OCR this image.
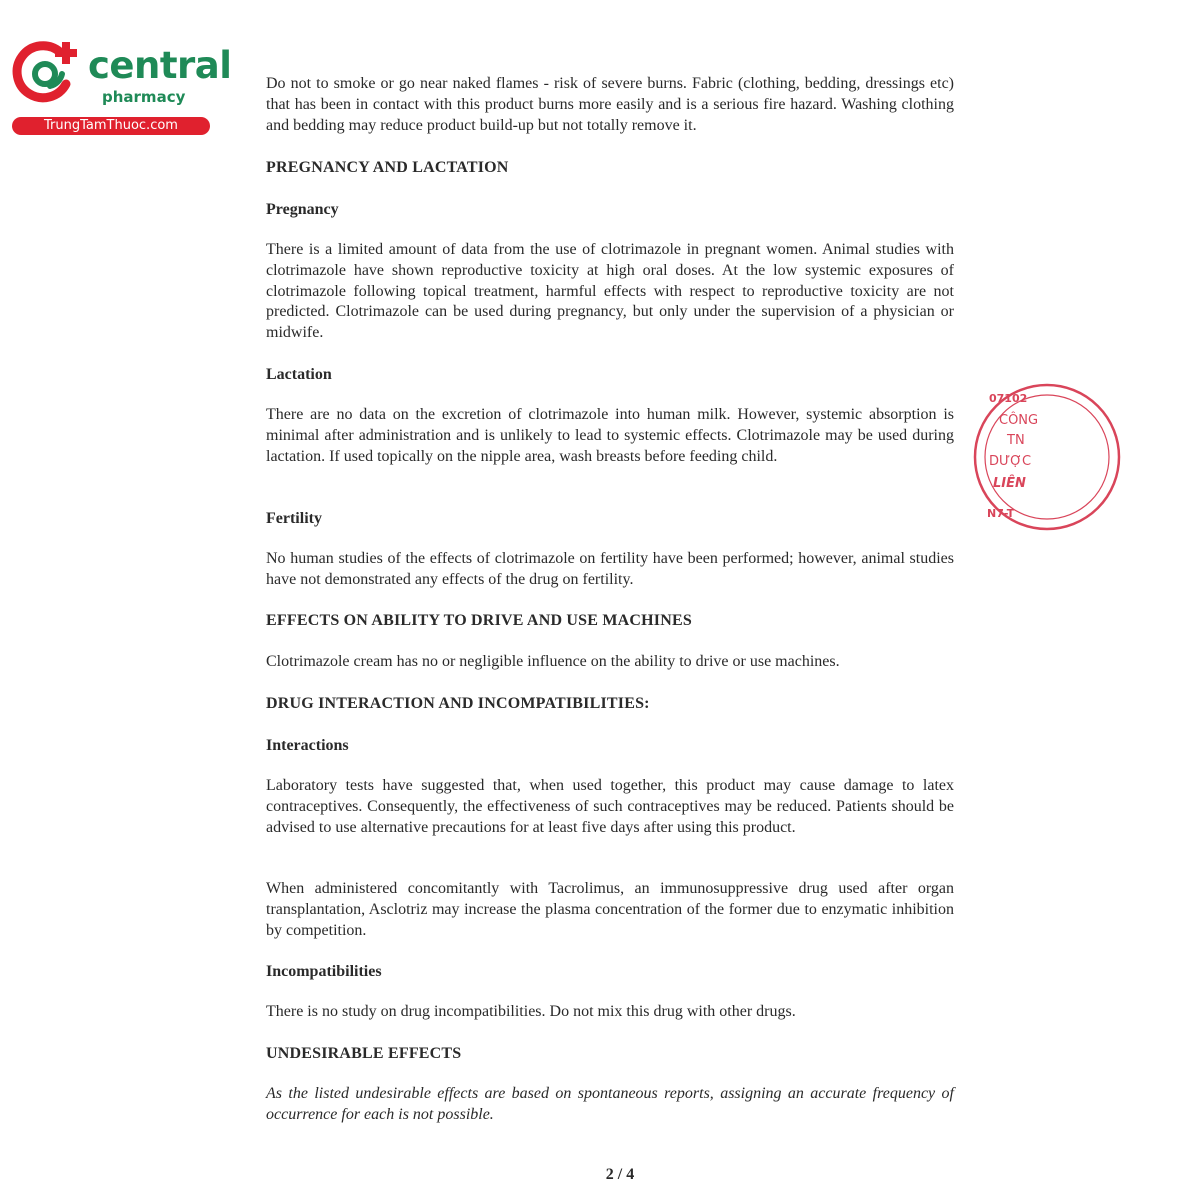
central
pharmacy
TrungTamThuoc.com

Do not to smoke or go near naked flames - risk of severe burns. Fabric (clothing, bedding, dressings etc) that has been in contact with this product burns more easily and is a serious fire hazard. Washing clothing and bedding may reduce product build-up but not totally remove it.

PREGNANCY AND LACTATION
Pregnancy

There is a limited amount of data from the use of clotrimazole in pregnant women. Animal studies with clotrimazole have shown reproductive toxicity at high oral doses. At the low systemic exposures of clotrimazole following topical treatment, harmful effects with respect to reproductive toxicity are not predicted. Clotrimazole can be used during pregnancy, but only under the supervision of a physician or midwife.

Lactation

There are no data on the excretion of clotrimazole into human milk. However, systemic absorption is minimal after administration and is unlikely to lead to systemic effects. Clotrimazole may be used during lactation. If used topically on the nipple area, wash breasts before feeding child.

Fertility

No human studies of the effects of clotrimazole on fertility have been performed; however, animal studies have not demonstrated any effects of the drug on fertility.

EFFECTS ON ABILITY TO DRIVE AND USE MACHINES

Clotrimazole cream has no or negligible influence on the ability to drive or use machines.

DRUG INTERACTION AND INCOMPATIBILITIES:
Interactions

Laboratory tests have suggested that, when used together, this product may cause damage to latex contraceptives. Consequently, the effectiveness of such contraceptives may be reduced. Patients should be advised to use alternative precautions for at least five days after using this product.

When administered concomitantly with Tacrolimus, an immunosuppressive drug used after organ transplantation, Asclotriz may increase the plasma concentration of the former due to enzymatic inhibition by competition.

Incompatibilities

There is no study on drug incompatibilities. Do not mix this drug with other drugs.

UNDESIRABLE EFFECTS

As the listed undesirable effects are based on spontaneous reports, assigning an accurate frequency of occurrence for each is not possible.

2 / 4
07102
CÔNG
TN
DƯỢC
LIÊN
N7-T
